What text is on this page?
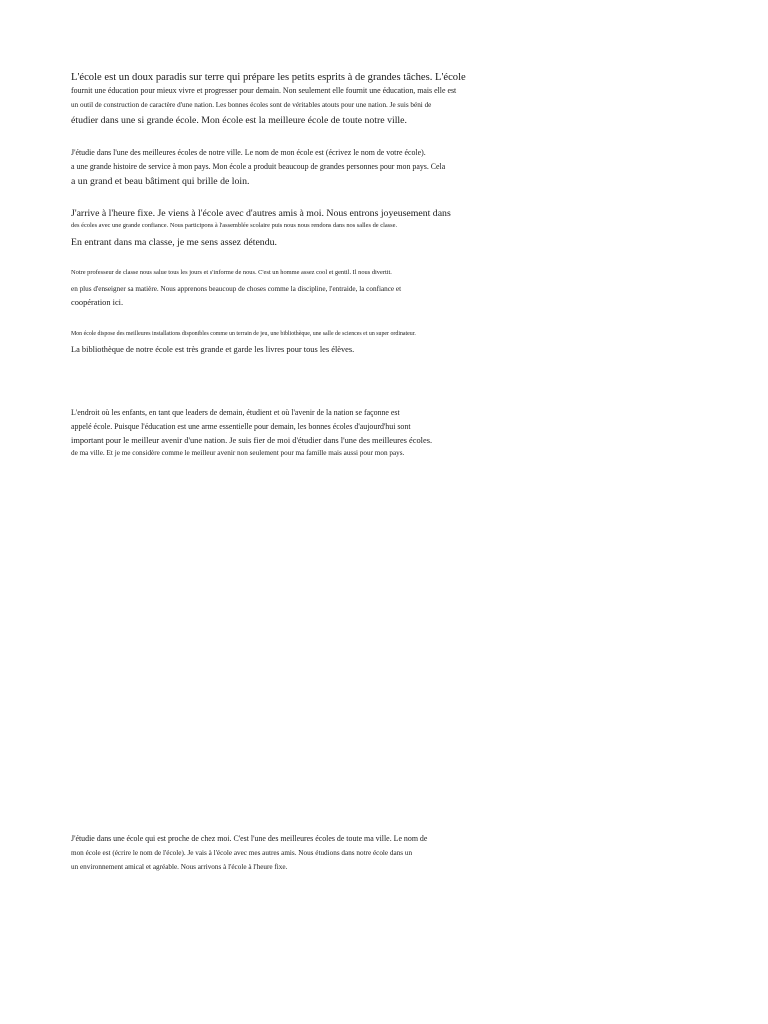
L'école est un doux paradis sur terre qui prépare les petits esprits à de grandes tâches. L'école
fournit une éducation pour mieux vivre et progresser pour demain. Non seulement elle fournit une éducation, mais elle est
un outil de construction de caractère d'une nation. Les bonnes écoles sont de véritables atouts pour une nation. Je suis béni de
étudier dans une si grande école. Mon école est la meilleure école de toute notre ville.
J'étudie dans l'une des meilleures écoles de notre ville. Le nom de mon école est (écrivez le nom de votre école).
a une grande histoire de service à mon pays. Mon école a produit beaucoup de grandes personnes pour mon pays. Cela
a un grand et beau bâtiment qui brille de loin.
J'arrive à l'heure fixe. Je viens à l'école avec d'autres amis à moi. Nous entrons joyeusement dans
des écoles avec une grande confiance. Nous participons à l'assemblée scolaire puis nous nous rendons dans nos salles de classe.
En entrant dans ma classe, je me sens assez détendu.
Notre professeur de classe nous salue tous les jours et s'informe de nous. C'est un homme assez cool et gentil. Il nous divertit.
en plus d'enseigner sa matière. Nous apprenons beaucoup de choses comme la discipline, l'entraide, la confiance et
coopération ici.
Mon école dispose des meilleures installations disponibles comme un terrain de jeu, une bibliothèque, une salle de sciences et un super ordinateur.
La bibliothèque de notre école est très grande et garde les livres pour tous les élèves.
L'endroit où les enfants, en tant que leaders de demain, étudient et où l'avenir de la nation se façonne est
appelé école. Puisque l'éducation est une arme essentielle pour demain, les bonnes écoles d'aujourd'hui sont
important pour le meilleur avenir d'une nation. Je suis fier de moi d'étudier dans l'une des meilleures écoles.
de ma ville. Et je me considère comme le meilleur avenir non seulement pour ma famille mais aussi pour mon pays.
J'étudie dans une école qui est proche de chez moi. C'est l'une des meilleures écoles de toute ma ville. Le nom de
mon école est (écrire le nom de l'école). Je vais à l'école avec mes autres amis. Nous étudions dans notre école dans un
un environnement amical et agréable. Nous arrivons à l'école à l'heure fixe.
